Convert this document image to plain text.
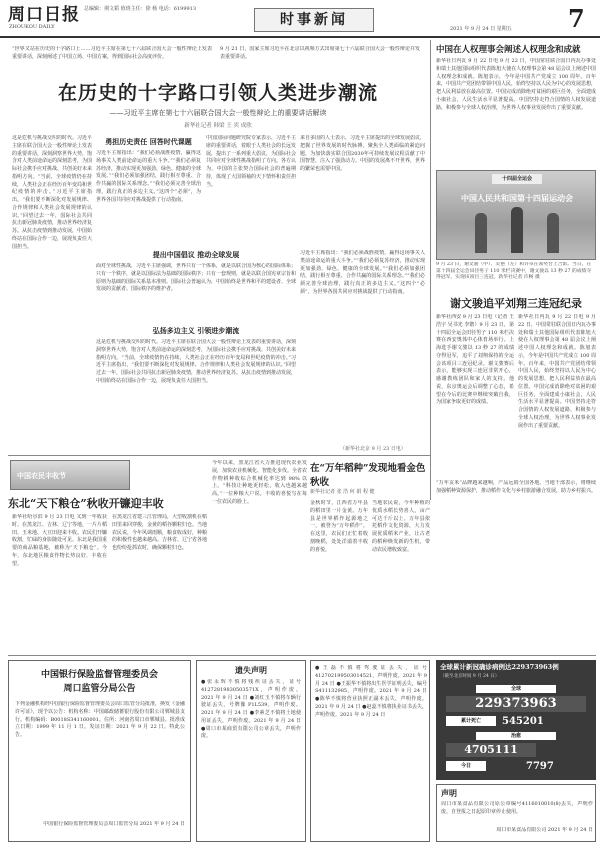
周口日报
ZHOUKOU DAILY
总编辑：荆文韬 值班主任：徐 杨 电话：6199913
时事新闻
2021 年 9 月 24 日 星期五 7
“世界又站在历史的十字路口上……习近平主席在第七十六届联合国大会一般性辩论上发表重要讲话，深刻阐述了中国立场、中国方案，得到国际社会高度评价。
9 月 21 日，国家主席习近平在北京以视频方式出席第七十六届联合国大会一般性辩论并发表重要讲话。
在历史的十字路口引领人类进步潮流
——习近平主席在第七十六届联合国大会一般性辩论上的重要讲话解读
新华社记者 韩梁 王 宾 成欣
这是危机与挑战交织的时代。习近平主席在联合国大会一般性辩论上发表的重要讲话，深刻洞察世界大势，饱含对人类前途命运的深刻思考，为国际社会携手应对挑战、共创美好未来指明方向。“当前，全球疫情仍在持续，人类社会正在经历百年变局和世纪疫情的冲击。”习近平主席指出，“我们要不断深化对发展规律、合作规律和人类社会发展规律的认识。”回望过去一年，国际社会共同抗击新冠肺炎疫情，推动世界经济复苏。从抗击疫情到推动发展，中国始终站在国际合作一边，展现负责任大国担当。
勇担历史责任 回答时代课题
习近平主席指出：“我们必须战胜疫情，赢得这场事关人类前途命运的重大斗争。”“我们必须复苏经济，推动实现更加强劲、绿色、健康的全球发展。”“我们必须加强团结，践行相互尊重、合作共赢的国际关系理念。”“我们必须完善全球治理，践行真正的多边主义。”这四个“必须”，为世界各国共同应对挑战提供了行动指南。
中国国际问题研究院专家表示，习近平主席的重要讲话，着眼于人类社会的长远发展，提出了一系列重大倡议，为国际社会共同应对全球性挑战指明了方向。各方认为，中国的主张契合国际社会的普遍期待，体现了大国领袖的天下情怀和责任担当。
来自多国的人士表示，习近平主席提出的全球发展倡议，把握了世界发展的时代脉搏，聚焦全人类面临的紧迫问题，为加快落实联合国2030年可持续发展议程贡献了中国智慧，注入了强劲动力。中国的发展离不开世界，世界的繁荣也需要中国。
提出中国倡议 推动全球发展
面对全球性挑战，习近平主席强调，世界只有一个体系，就是以联合国为核心的国际体系；只有一个秩序，就是以国际法为基础的国际秩序；只有一套规则，就是以联合国宪章宗旨和原则为基础的国际关系基本准则。国际社会普遍认为，中国始终是世界和平的建设者、全球发展的贡献者、国际秩序的维护者。
弘扬多边主义 引领进步潮流
这是危机与挑战交织的时代。习近平主席在联合国大会一般性辩论上发表的重要讲话，深刻洞察世界大势，饱含对人类前途命运的深刻思考，为国际社会携手应对挑战、共创美好未来指明方向。“当前，全球疫情仍在持续，人类社会正在经历百年变局和世纪疫情的冲击。”习近平主席指出，“我们要不断深化对发展规律、合作规律和人类社会发展规律的认识。”回望过去一年，国际社会共同抗击新冠肺炎疫情，推动世界经济复苏。从抗击疫情到推动发展，中国始终站在国际合作一边，展现负责任大国担当。
习近平主席指出：“我们必须战胜疫情，赢得这场事关人类前途命运的重大斗争。”“我们必须复苏经济，推动实现更加强劲、绿色、健康的全球发展。”“我们必须加强团结，践行相互尊重、合作共赢的国际关系理念。”“我们必须完善全球治理，践行真正的多边主义。”这四个“必须”，为世界各国共同应对挑战提供了行动指南。
（新华社北京 9 月 23 日电）
中国在人权理事会阐述人权理念和成就
新华社日内瓦 9 月 22 日电 9 月 22 日，中国常驻联合国日内瓦办事处和瑞士其他国际组织代表陈旭大使在人权理事会第 48 届会议上阐述中国人权理念和成就。陈旭表示，今年是中国共产党成立 100 周年。百年来，中国共产党团结带领中国人民，始终坚持以人民为中心的发展思想，把人民利益放在最高位置。中国完成消除绝对贫困的艰巨任务，全面建成小康社会，人民生活水平显著提高。中国坚持走符合国情的人权发展道路，积极参与全球人权治理，为世界人权事业发展作出了重要贡献。
十四届全运会
中国人民共和国第十四届运动会
9 月 23 日，谢文骏（中）、吴艳（左）和许卓在领奖台上合影。当日，在第十四届全运会田径男子 110 米栏决赛中，谢文骏以 13 秒 27 的成绩夺得冠军，实现该项目三连冠。新华社记者 许畅 摄
谢文骏追平刘翔三连冠纪录
新华社西安 9 月 23 日电（记者 王浩宇 吴书光 李锴）9 月 23 日，第十四届全运会田径男子 110 米栏决赛在西安奥体中心体育场举行。上海选手谢文骏以 13 秒 27 的成绩夺得冠军，追平了刘翔保持的全运会该项目三连冠纪录。谢文骏赛后表示，能够实现三连冠非常开心，感谢教练团队和家人的支持。他说，东京奥运会后调整了心态，希望在今后的比赛中继续突破自我，为国家争取更好的成绩。
新华社日内瓦 9 月 22 日电 9 月 22 日，中国常驻联合国日内瓦办事处和瑞士其他国际组织代表陈旭大使在人权理事会第 48 届会议上阐述中国人权理念和成就。陈旭表示，今年是中国共产党成立 100 周年。百年来，中国共产党团结带领中国人民，始终坚持以人民为中心的发展思想，把人民利益放在最高位置。中国完成消除绝对贫困的艰巨任务，全面建成小康社会，人民生活水平显著提高。中国坚持走符合国情的人权发展道路，积极参与全球人权治理，为世界人权事业发展作出了重要贡献。
中国农民丰收节
东北“天下粮仓”秋收开镰迎丰收
新华社哈尔滨 9 月 23 日电 又到一年收获时。在黑龙江、吉林、辽宁等地，一片片稻田、玉米地、大豆田迎来丰收。农民们开镰收割，忙碌的身影随处可见。东北是我国重要的商品粮基地，被称为“天下粮仓”。今年，东北地区粮食作物长势良好，丰收在望。
在黑龙江省建三江管理局，大型收割机在稻田里来回穿梭，金黄的稻谷颗粒归仓。当地农民说，今年风调雨顺，粮食收成好，种粮的积极性也越来越高。吉林省、辽宁省各地也纷纷抢抓农时，确保颗粒归仓。
今年以来，黑龙江省大力推进现代农业发展，加快农业机械化、智能化步伐。全省农作物耕种收综合机械化率达到 98% 以上。“科技让种地更轻松，收入也越来越高。”一位种粮大户说。丰收的喜悦写在每一位农民的脸上。
在“万年稻种”发现地看金色秋收
新华社记者 张 浩 何 娟 程 健
金秋时节，江西省万年县的稻田里一片金黄。万年县是世界稻作起源地之一，被誉为“万年稻作”。在这里，农民们正忙着收割晚稻，处处洋溢着丰收的喜悦。
当地农民说，今年种植的优质水稻长势喜人，亩产可达千斤以上。万年县依托稻作文化资源，大力发展优质稻米产业，让古老的稻种焕发新的生机，带动农民增收致富。
“万年贡米”品牌越来越响，产品远销全国各地。当地干部表示，将继续加强稻种资源保护，推动稻作文化与乡村旅游融合发展，助力乡村振兴。
中国银行保险监督管理委员会
周口监管分局公告
下列金融机构经中国银行保险监督管理委员会周口监管分局批准，换发《金融许可证》，现予以公告：机构名称：中国邮政储蓄银行股份有限公司郸城县支行。机构编码：B0018S341160001。住所：河南省周口市郸城县。批准成立日期：1999 年 11 月 1 日。发证日期：2021 年 9 月 22 日。特此公告。
中国银行保险监督管理委员会周口监管分局 2021 年 9 月 24 日
遗失声明
●张永辉不慎将残疾证丢失，证号 41272819830503571X，声明作废。2021 年 9 月 24 日 ●刘红玉不慎将车辆行驶证丢失，号牌豫 P1L539，声明作废。2021 年 9 月 24 日 ●李素芝不慎将土地使用证丢失，声明作废。2021 年 9 月 24 日 ●周口市某商贸有限公司公章丢失，声明作废。
●王磊不慎将驾驶证丢失，证号 412702199503014521，声明作废。2021 年 9 月 24 日 ●王振华不慎将出生医学证明丢失，编号 S411132985，声明作废。2021 年 9 月 24 日 ●陈华不慎将营业执照正副本丢失，声明作废。2021 年 9 月 24 日 ●赵蕊不慎将执业证书丢失，声明作废。2021 年 9 月 24 日
全球累计新冠确诊病例达229373963例
（截至北京时间 9 月 24 日）
全球
229373963
累计死亡	545201
治愈
4705111
今日	7797
声明
周口市某食品有限公司原公章编号4116010010(8)丢失，声明作废。自登报之日起原印章停止使用。
周口市某食品有限公司 2021 年 9 月 24 日
